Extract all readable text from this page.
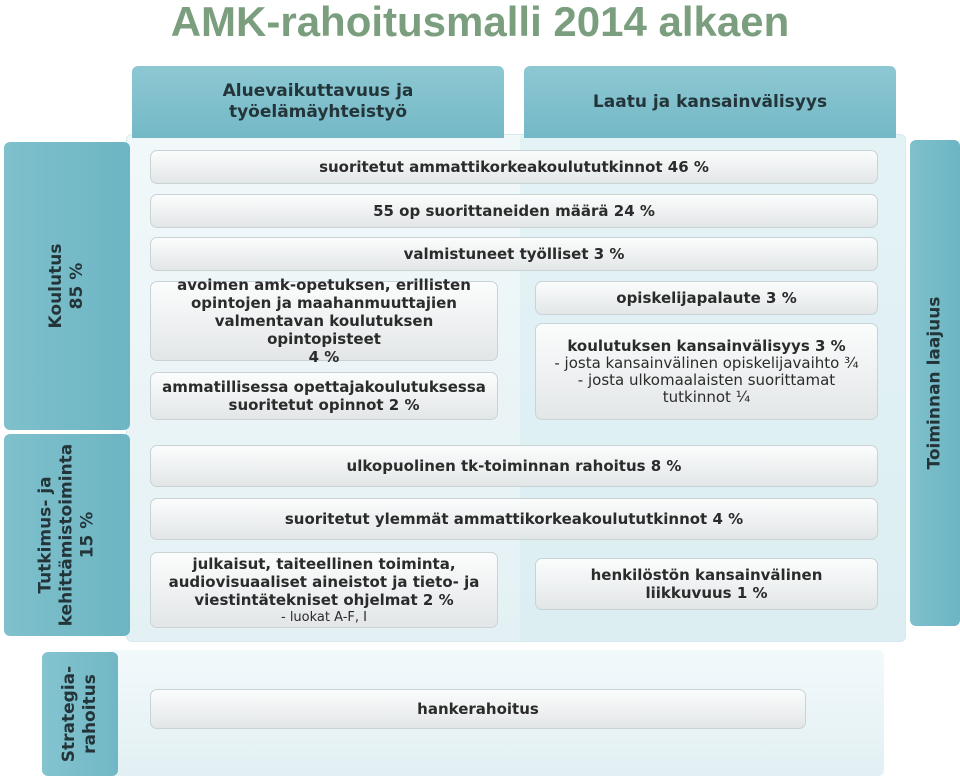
AMK-rahoitusmalli 2014 alkaen
Aluevaikuttavuus ja
työelämäyhteistyö
Laatu ja kansainvälisyys
Koulutus 85 %
Tutkimus- ja kehittämistoiminta 15 %
Strategia- rahoitus
Toiminnan laajuus
suoritetut ammattikorkeakoulututkinnot 46 %
55 op suorittaneiden määrä 24 %
valmistuneet työlliset 3 %
avoimen amk-opetuksen, erillisten
opintojen ja maahanmuuttajien
valmentavan koulutuksen opintopisteet
4 %
ammatillisessa opettajakoulutuksessa
suoritetut opinnot 2 %
opiskelijapalaute 3 %
koulutuksen kansainvälisyys 3 %
- josta kansainvälinen opiskelijavaihto ¾
- josta ulkomaalaisten suorittamat
tutkinnot ¼
ulkopuolinen tk-toiminnan rahoitus 8 %
suoritetut ylemmät ammattikorkeakoulututkinnot 4 %
julkaisut, taiteellinen toiminta,
audiovisuaaliset aineistot ja tieto- ja
viestintätekniset ohjelmat 2 %
- luokat A-F, I
henkilöstön kansainvälinen
liikkuvuus 1 %
hankerahoitus
